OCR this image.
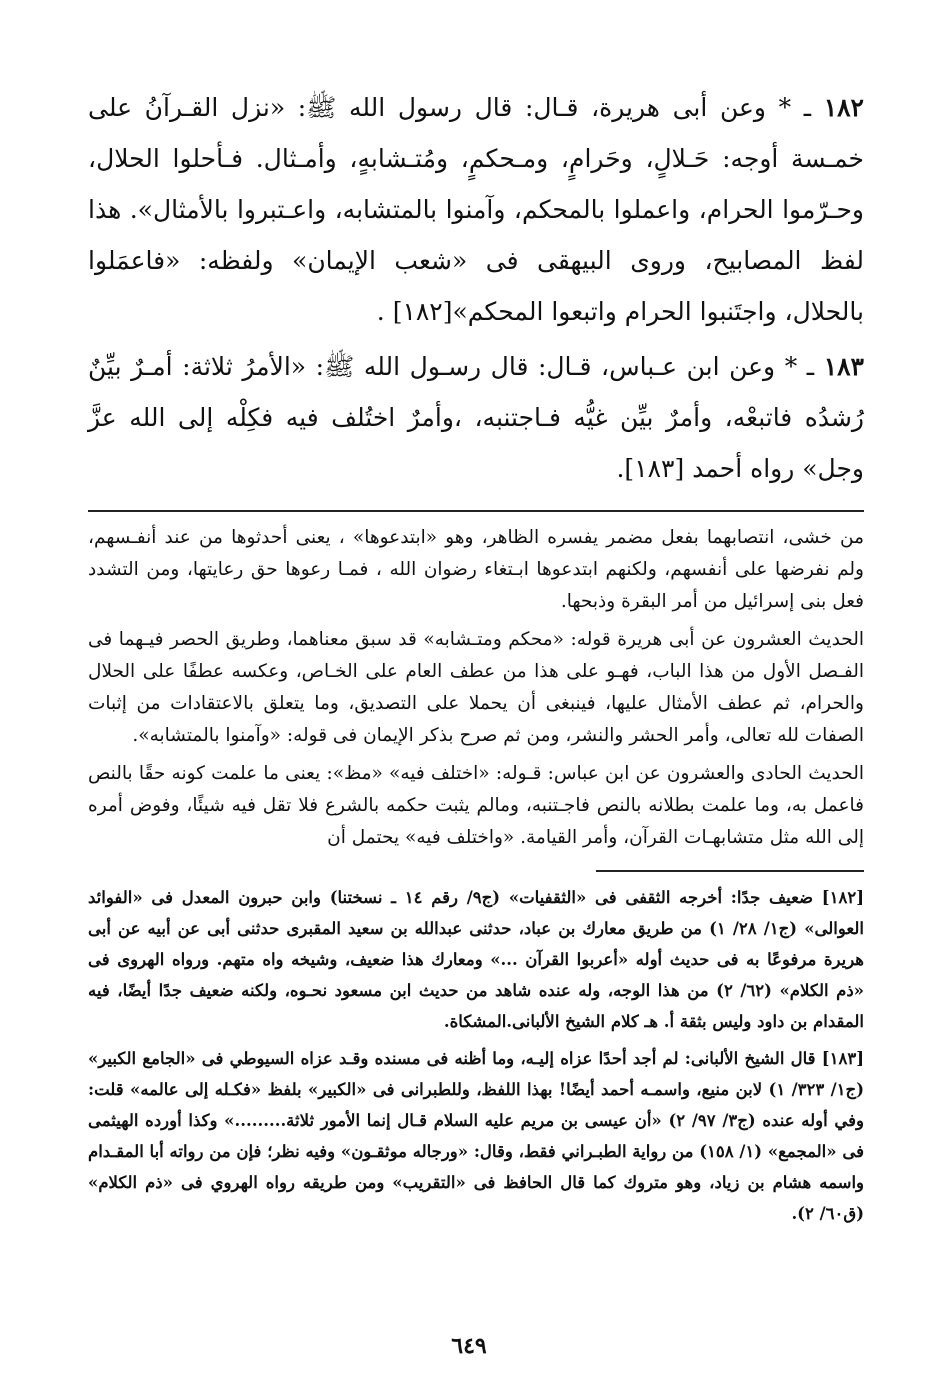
١٨٢ ـ * وعن أبى هريرة، قـال: قال رسول الله ﷺ: «نزل القـرآنُ على خمـسة أوجه: حَـلالٍ، وحَرامٍ، ومـحكمٍ، ومُتـشابهٍ، وأمـثال. فـأحلوا الحلال، وحـرّموا الحرام، واعملوا بالمحكم، وآمنوا بالمتشابه، واعـتبروا بالأمثال». هذا لفظ المصابيح، وروى البيهقى فى «شعب الإيمان» ولفظه: «فاعمَلوا بالحلال، واجتَنبوا الحرام واتبعوا المحكم»[١٨٢] .

١٨٣ ـ * وعن ابن عـباس، قـال: قال رسـول الله ﷺ: «الأمرُ ثلاثة: أمـرٌ بيِّنٌ رُشدُه فاتبعْه، وأمرٌ بيِّن غيُّه فـاجتنبه، ،وأمرٌ اختُلف فيه فكِلْه إلى الله عزَّ وجل» رواه أحمد [١٨٣].

من خشى، انتصابهما بفعل مضمر يفسره الظاهر، وهو «ابتدعوها» ، يعنى أحدثوها من عند أنفـسهم، ولم نفرضها على أنفسهم، ولكنهم ابتدعوها ابـتغاء رضوان الله ، فمـا رعوها حق رعايتها، ومن التشدد فعل بنى إسرائيل من أمر البقرة وذبحها.

الحديث العشرون عن أبى هريرة قوله: «محكم ومتـشابه» قد سبق معناهما، وطريق الحصر فيـهما فى الفـصل الأول من هذا الباب، فهـو على هذا من عطف العام على الخـاص، وعكسه عطفًا على الحلال والحرام، ثم عطف الأمثال عليها، فينبغى أن يحملا على التصديق، وما يتعلق بالاعتقادات من إثبات الصفات لله تعالى، وأمر الحشر والنشر، ومن ثم صرح بذكر الإيمان فى قوله: «وآمنوا بالمتشابه».

الحديث الحادى والعشرون عن ابن عباس: قـوله: «اختلف فيه» «مظ»: يعنى ما علمت كونه حقًا بالنص فاعمل به، وما علمت بطلانه بالنص فاجـتنبه، ومالم يثبت حكمه بالشرع فلا تقل فيه شيئًا، وفوض أمره إلى الله مثل متشابهـات القرآن، وأمر القيامة. «واختلف فيه» يحتمل أن

[١٨٢] ضعيف جدًا: أخرجه الثقفى فى «الثقفيات» (ج٩/ رقم ١٤ ـ نسختنا) وابن حبرون المعدل فى «الفوائد العوالى» (ج١/ ٢٨/ ١) من طريق معارك بن عباد، حدثنى عبدالله بن سعيد المقبرى حدثنى أبى عن أبيه عن أبى هريرة مرفوعًا به فى حديث أوله «أعربوا القرآن ...» ومعارك هذا ضعيف، وشيخه واه متهم. ورواه الهروى فى «ذم الكلام» (٦٢/ ٢) من هذا الوجه، وله عنده شاهد من حديث ابن مسعود نحـوه، ولكنه ضعيف جدًا أيضًا، فيه المقدام بن داود وليس بثقة أ. هـ كلام الشيخ الألبانى.المشكاة.

[١٨٣] قال الشيخ الألبانى: لم أجد أحدًا عزاه إليـه، وما أظنه فى مسنده وقـد عزاه السيوطي فى «الجامع الكبير» (ج١/ ٣٢٣/ ١) لابن منيع، واسمـه أحمد أيضًا! بهذا اللفظ، وللطبرانى فى «الكبير» بلفظ «فكـله إلى عالمه» قلت: وفي أوله عنده (ج٣/ ٩٧/ ٢) «أن عيسى بن مريم عليه السلام قـال إنما الأمور ثلاثة.........» وكذا أورده الهيثمى فى «المجمع» (١/ ١٥٨) من رواية الطبـراني فقط، وقال: «ورجاله موثقـون» وفيه نظر؛ فإن من رواته أبا المقـدام واسمه هشام بن زياد، وهو متروك كما قال الحافظ فى «التقريب» ومن طريقه رواه الهروي فى «ذم الكلام» (ق٦٠/ ٢).

٦٤٩
